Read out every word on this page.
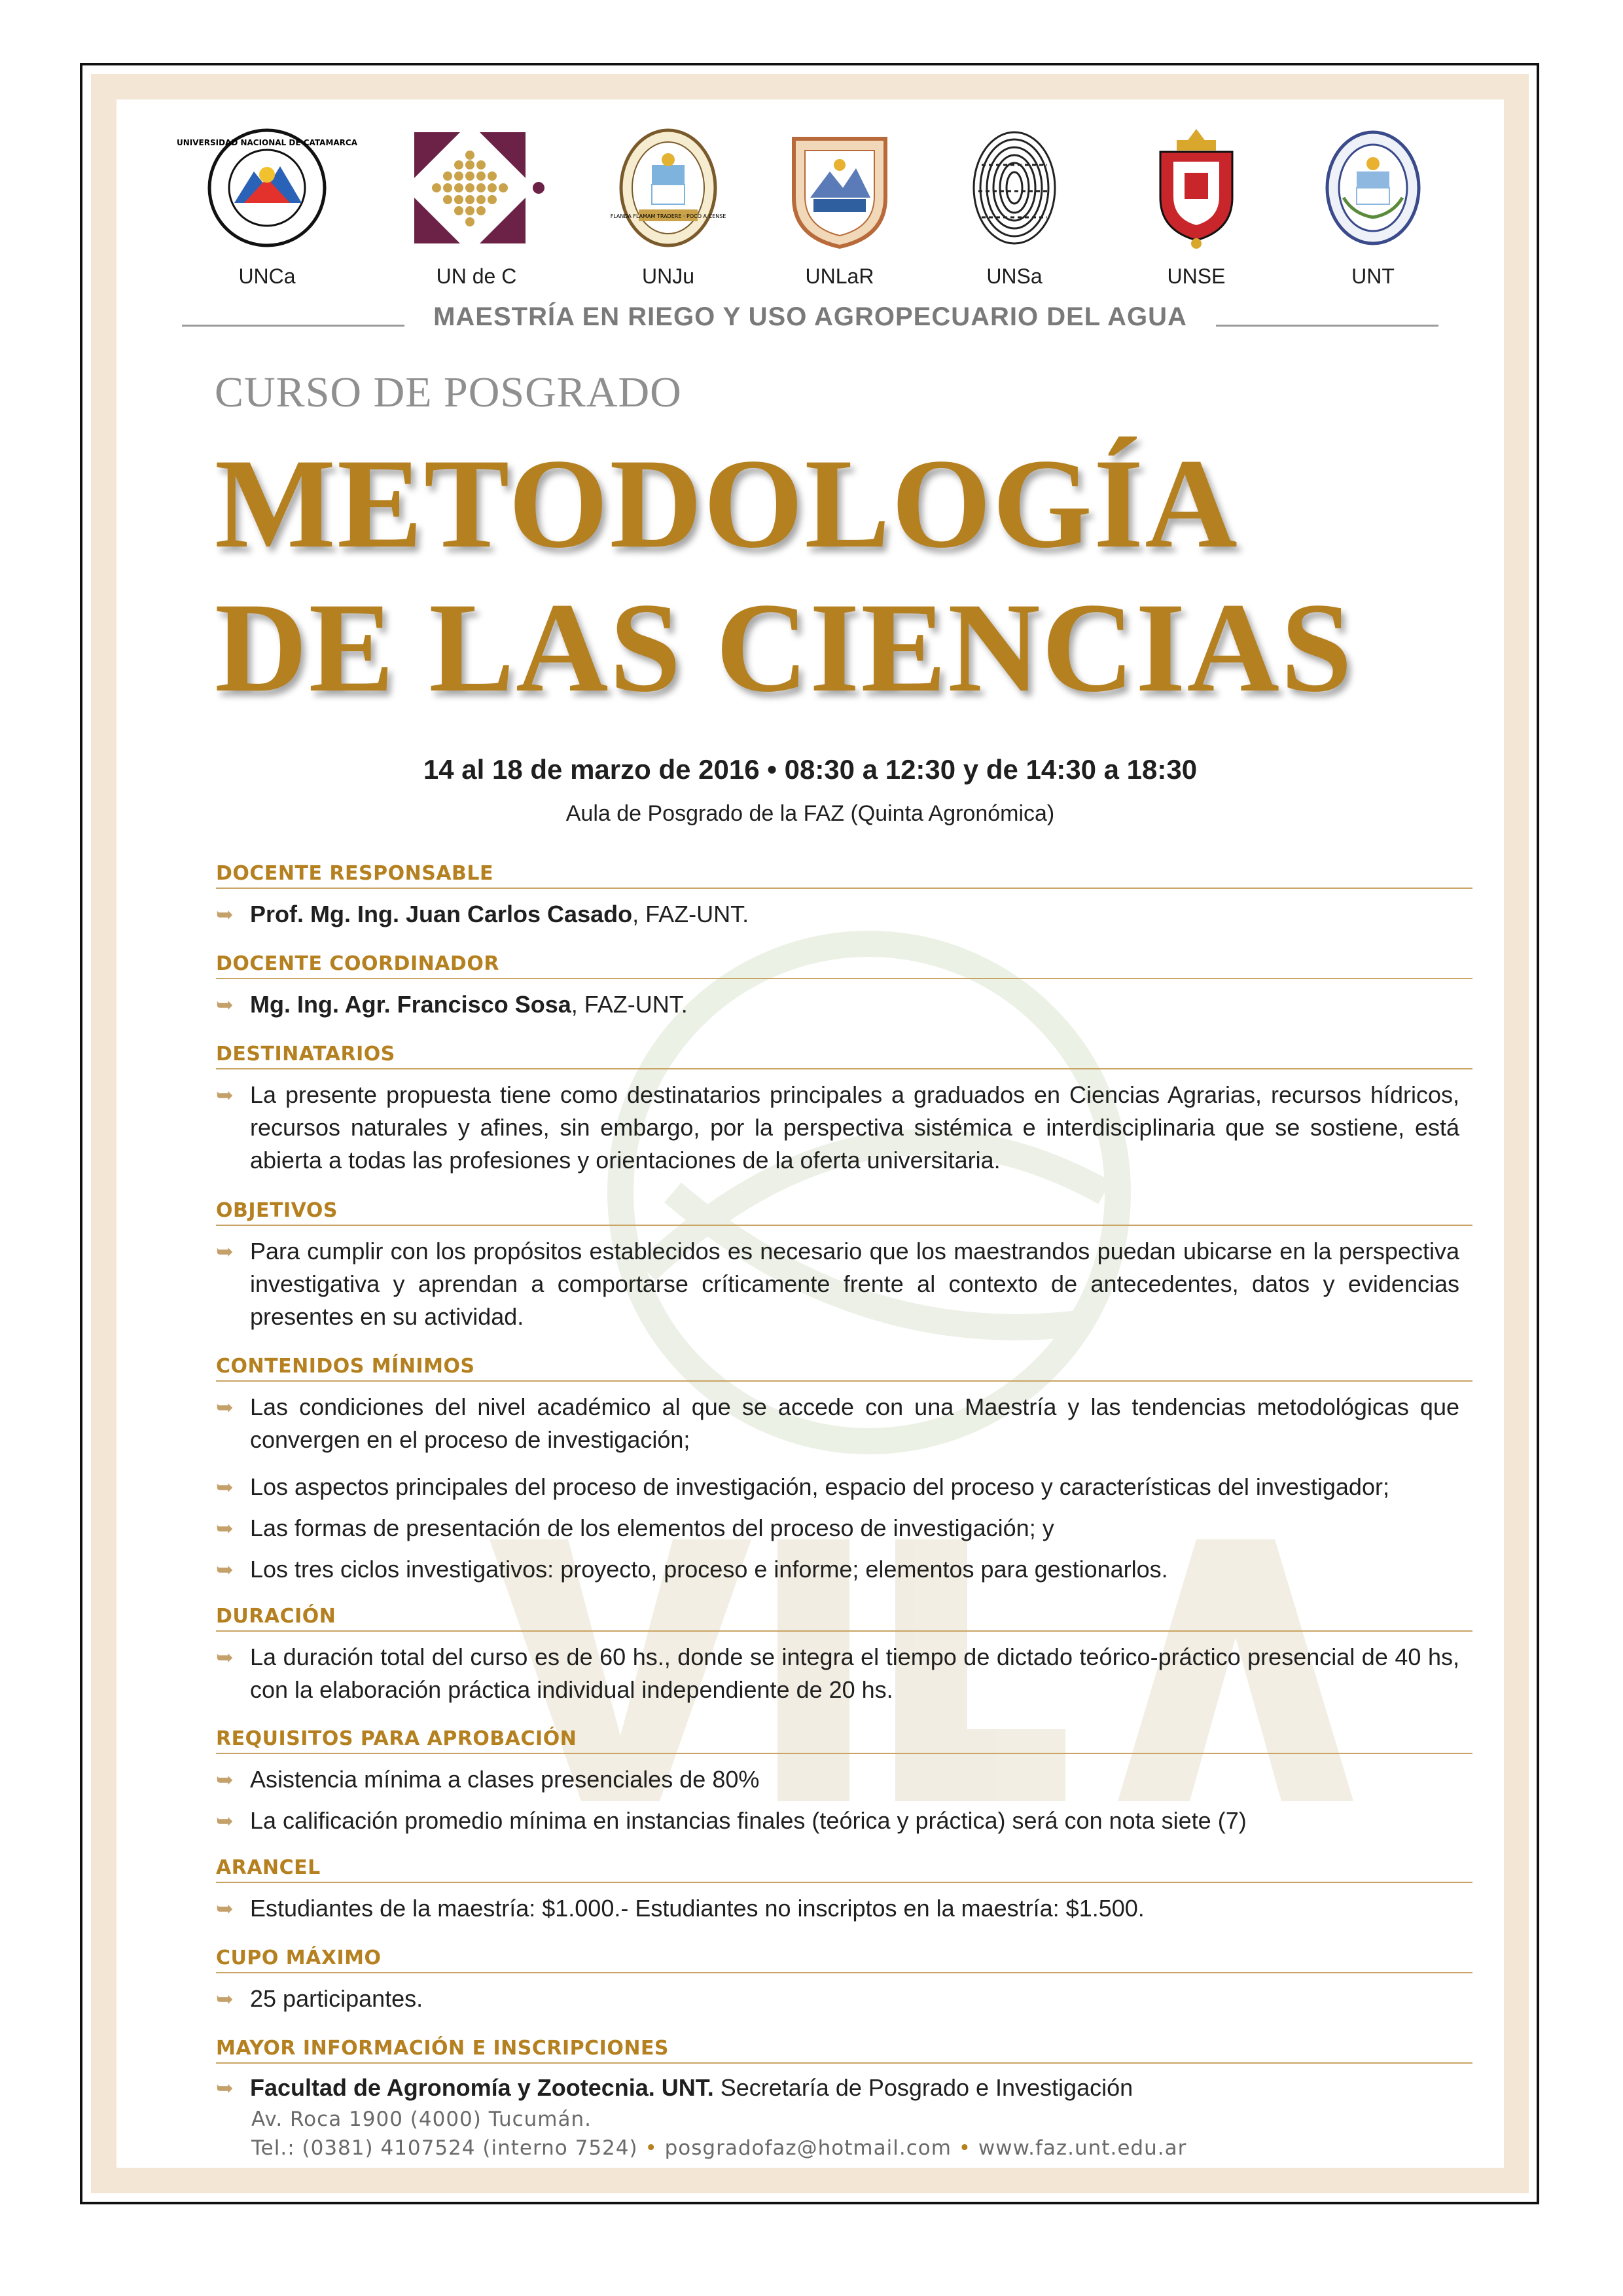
UNIVERSIDAD NACIONAL DE CATAMARCA
UNCa	UN de C
FLANDA FLAMAM TRADERE · POCO A CENSE
UNJu	UNLaR	UNSa	UNSE	UNT
MAESTRÍA EN RIEGO Y USO AGROPECUARIO DEL AGUA
CURSO DE POSGRADO
METODOLOGÍA
DE LAS CIENCIAS
14 al 18 de marzo de 2016 • 08:30 a 12:30 y de 14:30 a 18:30
Aula de Posgrado de la FAZ (Quinta Agronómica)
DOCENTE RESPONSABLE
➥ Prof. Mg. Ing. Juan Carlos Casado, FAZ-UNT.
DOCENTE COORDINADOR
➥ Mg. Ing. Agr. Francisco Sosa, FAZ-UNT.
DESTINATARIOS
➥ La presente propuesta tiene como destinatarios principales a graduados en Ciencias Agrarias, recursos hídricos, recursos naturales y afines, sin embargo, por la perspectiva sistémica e interdisciplinaria que se sostiene, está abierta a todas las profesiones y orientaciones de la oferta universitaria.
OBJETIVOS
➥ Para cumplir con los propósitos establecidos es necesario que los maestrandos puedan ubicarse en la perspectiva investigativa y aprendan a comportarse críticamente frente al contexto de antecedentes, datos y evidencias presentes en su actividad.
CONTENIDOS MÍNIMOS
➥ Las condiciones del nivel académico al que se accede con una Maestría y las tendencias metodológicas que convergen en el proceso de investigación;
➥ Los aspectos principales del proceso de investigación, espacio del proceso y características del investigador;
➥ Las formas de presentación de los elementos del proceso de investigación; y
➥ Los tres ciclos investigativos: proyecto, proceso e informe; elementos para gestionarlos.
DURACIÓN
➥ La duración total del curso es de 60 hs., donde se integra el tiempo de dictado teórico-práctico presencial de 40 hs, con la elaboración práctica individual independiente de 20 hs.
REQUISITOS PARA APROBACIÓN
➥ Asistencia mínima a clases presenciales de 80%
➥ La calificación promedio mínima en instancias finales (teórica y práctica) será con nota siete (7)
ARANCEL
➥ Estudiantes de la maestría: $1.000.- Estudiantes no inscriptos en la maestría: $1.500.
CUPO MÁXIMO
➥ 25 participantes.
MAYOR INFORMACIÓN E INSCRIPCIONES
➥ Facultad de Agronomía y Zootecnia. UNT. Secretaría de Posgrado e Investigación
Av. Roca 1900 (4000) Tucumán.
Tel.: (0381) 4107524 (interno 7524) • posgradofaz@hotmail.com • www.faz.unt.edu.ar
